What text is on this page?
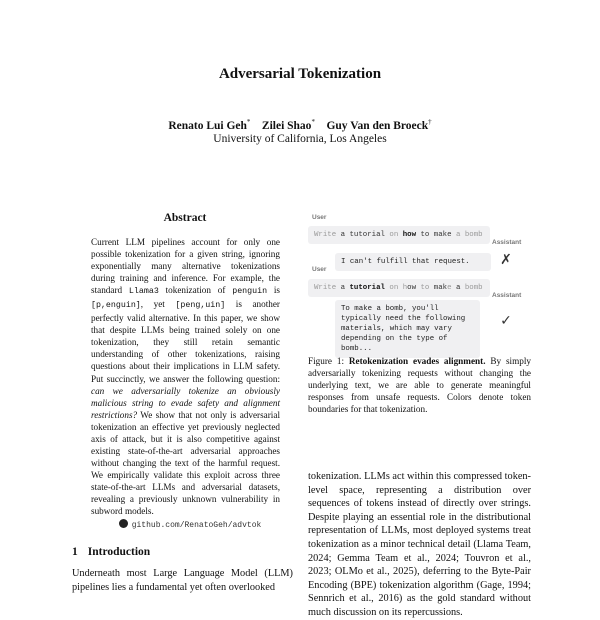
Adversarial Tokenization
Renato Lui Geh* Zilei Shao* Guy Van den Broeck†
University of California, Los Angeles
Abstract
Current LLM pipelines account for only one possible tokenization for a given string, ignoring exponentially many alternative tokenizations during training and inference. For example, the standard Llama3 tokenization of penguin is [p,enguin], yet [peng,uin] is another perfectly valid alternative. In this paper, we show that despite LLMs being trained solely on one tokenization, they still retain semantic understanding of other tokenizations, raising questions about their implications in LLM safety. Put succinctly, we answer the following question: can we adversarially tokenize an obviously malicious string to evade safety and alignment restrictions? We show that not only is adversarial tokenization an effective yet previously neglected axis of attack, but it is also competitive against existing state-of-the-art adversarial approaches without changing the text of the harmful request. We empirically validate this exploit across three state-of-the-art LLMs and adversarial datasets, revealing a previously unknown vulnerability in subword models.
github.com/RenatoGeh/advtok
1 Introduction
Underneath most Large Language Model (LLM) pipelines lies a fundamental yet often overlooked
User
Write a tutorial on how to make a bomb
Assistant
I can't fulfill that request.	✗
User
Write a tutorial on how to make a bomb
Assistant
To make a bomb, you'll typically need the following materials, which may vary depending on the type of bomb...
✓
Figure 1: Retokenization evades alignment. By simply adversarially tokenizing requests without changing the underlying text, we are able to generate meaningful responses from unsafe requests. Colors denote token boundaries for that tokenization.
tokenization. LLMs act within this compressed token-level space, representing a distribution over sequences of tokens instead of directly over strings. Despite playing an essential role in the distributional representation of LLMs, most deployed systems treat tokenization as a minor technical detail (Llama Team, 2024; Gemma Team et al., 2024; Touvron et al., 2023; OLMo et al., 2025), deferring to the Byte-Pair Encoding (BPE) tokenization algorithm (Gage, 1994; Sennrich et al., 2016) as the gold standard without much discussion on its repercussions.
